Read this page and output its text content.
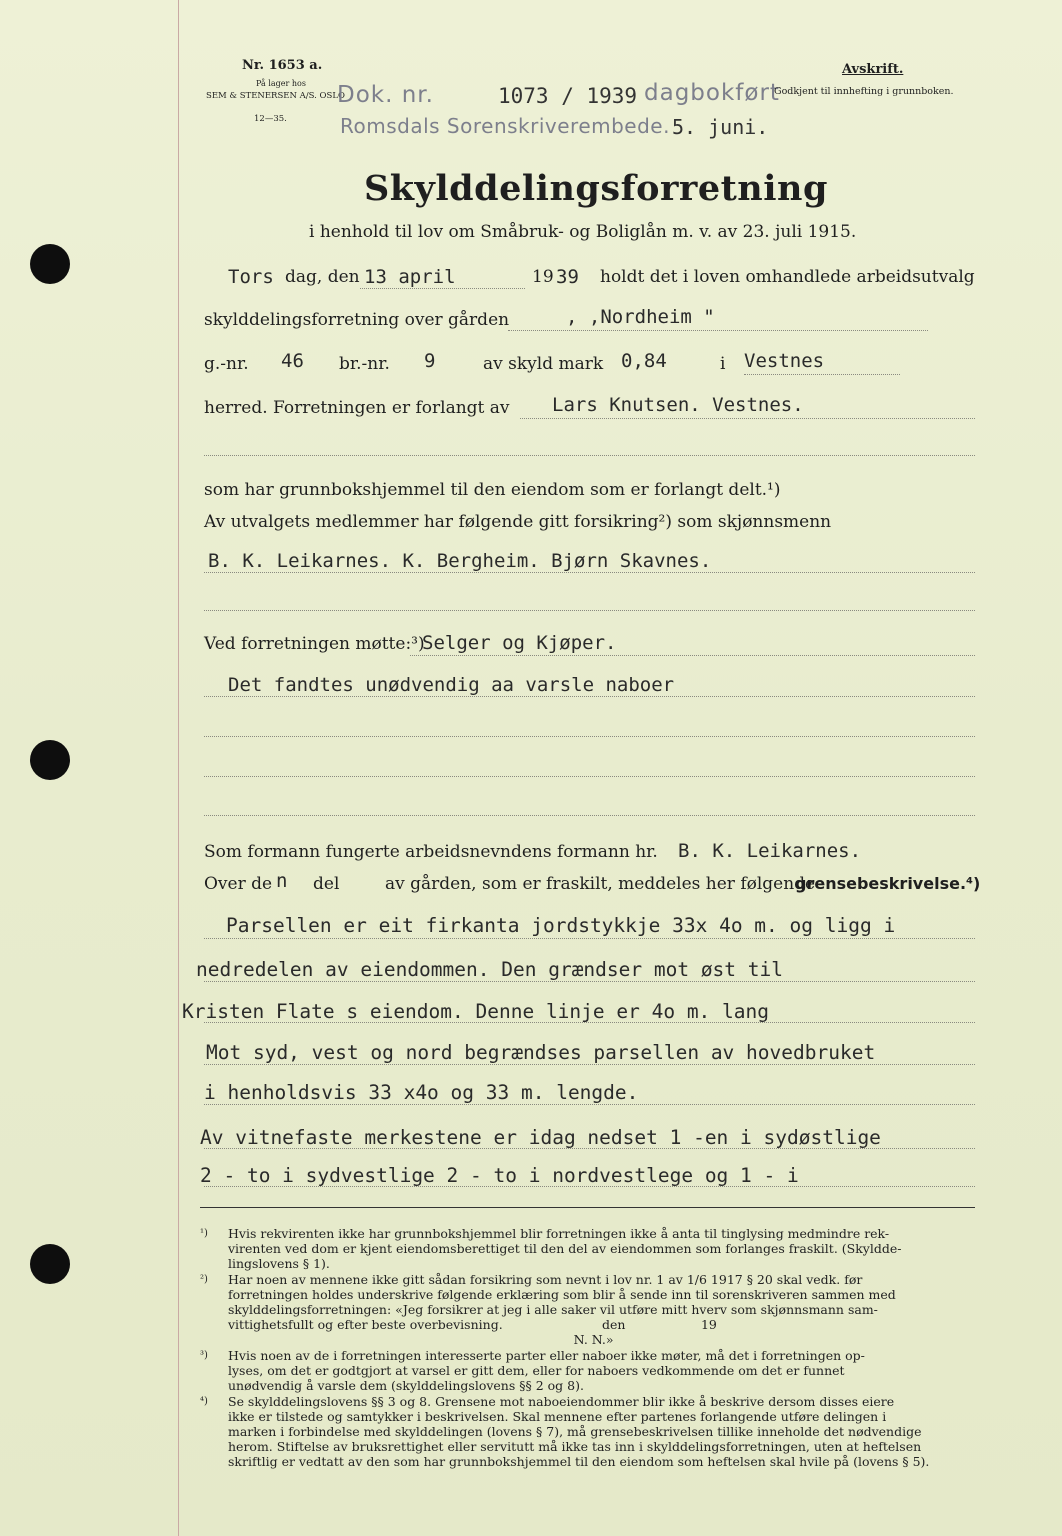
Nr. 1653 a.
På lager hos
SEM & STENERSEN A/S. OSLO
12—35.
Dok. nr.	1073 / 1939 dagbokført
Romsdals Sorenskriverembede. 5. juni.
Avskrift.
Godkjent til innhefting i grunnboken.
Skylddelingsforretning
i henhold til lov om Småbruk- og Boliglån m. v. av 23. juli 1915.
Tors dag, den 13 april	19 39 holdt det i loven omhandlede arbeidsutvalg
skylddelingsforretning over gården	, ,Nordheim "
g.-nr. 46 br.-nr. 9	av skyld mark 0,84	i Vestnes
herred. Forretningen er forlangt av Lars Knutsen. Vestnes.
som har grunnbokshjemmel til den eiendom som er forlangt delt.¹)
Av utvalgets medlemmer har følgende gitt forsikring²) som skjønnsmenn
B. K. Leikarnes. K. Bergheim. Bjørn Skavnes.
Ved forretningen møtte:³)
Selger og Kjøper.
Det fandtes unødvendig aa varsle naboer
Som formann fungerte arbeidsnevndens formann hr. B. K. Leikarnes.
Over de n del	av gården, som er fraskilt, meddeles her følgende
grensebeskrivelse.⁴)
Parsellen er eit firkanta jordstykkje 33x 4o m. og ligg i
nedredelen av eiendommen. Den grændser mot øst til
Kristen Flate s eiendom. Denne linje er 4o m. lang
Mot syd, vest og nord begrændses parsellen av hovedbruket
i henholdsvis 33 x4o og 33 m. lengde.
Av vitnefaste merkestene er idag nedset 1 -en i sydøstlige
2 - to i sydvestlige 2 - to i nordvestlege og 1 - i
¹) Hvis rekvirenten ikke har grunnbokshjemmel blir forretningen ikke å anta til tinglysing medmindre rek-
virenten ved dom er kjent eiendomsberettiget til den del av eiendommen som forlanges fraskilt. (Skyldde-
lingslovens § 1).
²) Har noen av mennene ikke gitt sådan forsikring som nevnt i lov nr. 1 av 1/6 1917 § 20 skal vedk. før
forretningen holdes underskrive følgende erklæring som blir å sende inn til sorenskriveren sammen med
skylddelingsforretningen: «Jeg forsikrer at jeg i alle saker vil utføre mitt hverv som skjønnsmann sam-
vittighetsfullt og efter beste overbevisning.                         den                   19
N. N.»
³) Hvis noen av de i forretningen interesserte parter eller naboer ikke møter, må det i forretningen op-
lyses, om det er godtgjort at varsel er gitt dem, eller for naboers vedkommende om det er funnet
unødvendig å varsle dem (skylddelingslovens §§ 2 og 8).
⁴) Se skylddelingslovens §§ 3 og 8. Grensene mot naboeiendommer blir ikke å beskrive dersom disses eiere
ikke er tilstede og samtykker i beskrivelsen. Skal mennene efter partenes forlangende utføre delingen i
marken i forbindelse med skylddelingen (lovens § 7), må grensebeskrivelsen tillike inneholde det nødvendige
herom. Stiftelse av bruksrettighet eller servitutt må ikke tas inn i skylddelingsforretningen, uten at heftelsen
skriftlig er vedtatt av den som har grunnbokshjemmel til den eiendom som heftelsen skal hvile på (lovens § 5).
